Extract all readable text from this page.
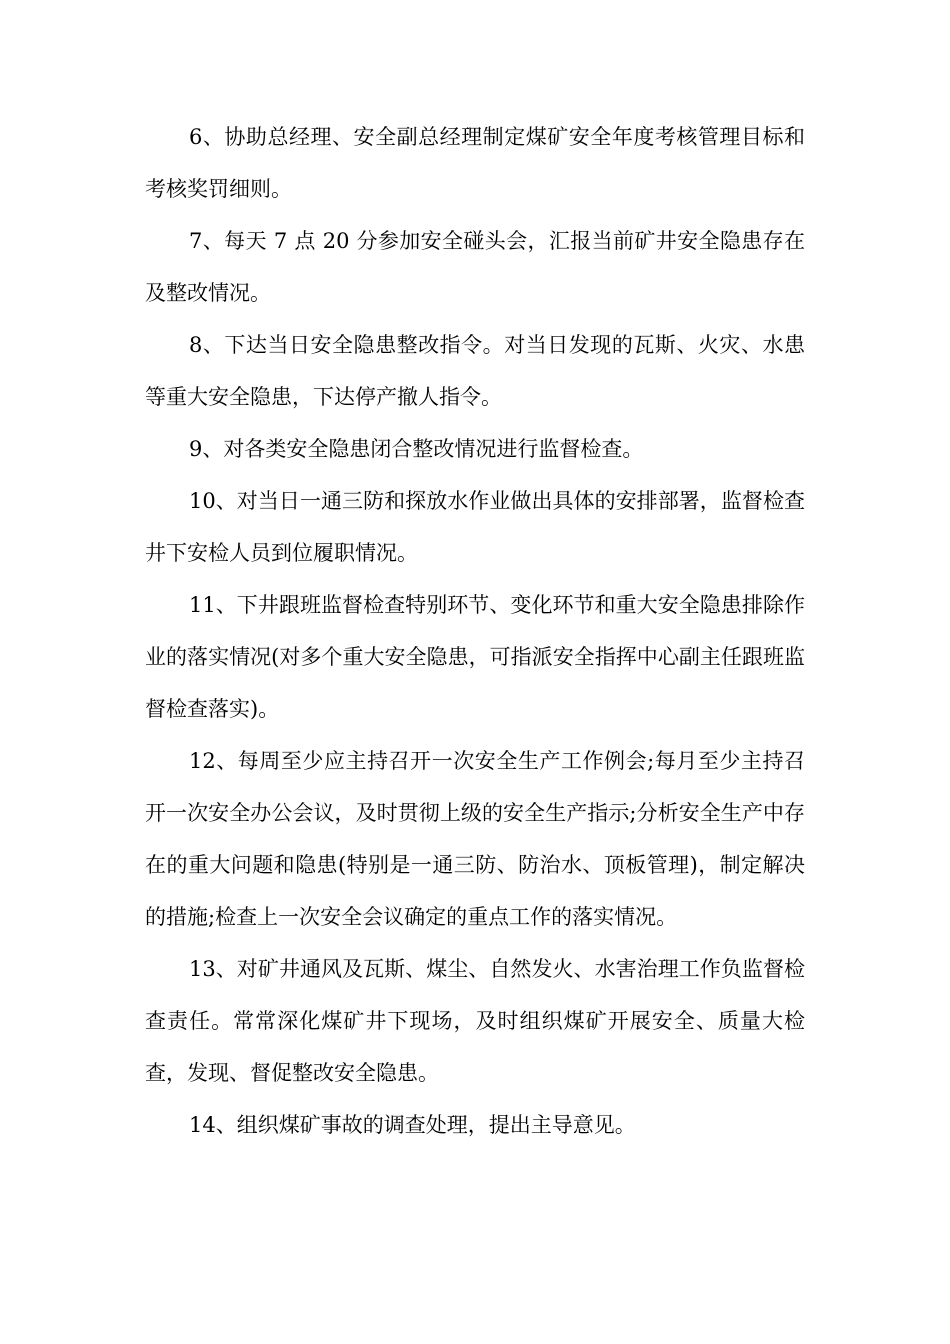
6、协助总经理、安全副总经理制定煤矿安全年度考核管理目标和考核奖罚细则。

7、每天 7 点 20 分参加安全碰头会，汇报当前矿井安全隐患存在及整改情况。

8、下达当日安全隐患整改指令。对当日发现的瓦斯、火灾、水患等重大安全隐患，下达停产撤人指令。

9、对各类安全隐患闭合整改情况进行监督检查。

10、对当日一通三防和探放水作业做出具体的安排部署，监督检查井下安检人员到位履职情况。

11、下井跟班监督检查特别环节、变化环节和重大安全隐患排除作业的落实情况(对多个重大安全隐患，可指派安全指挥中心副主任跟班监督检查落实)。

12、每周至少应主持召开一次安全生产工作例会;每月至少主持召开一次安全办公会议，及时贯彻上级的安全生产指示;分析安全生产中存在的重大问题和隐患(特别是一通三防、防治水、顶板管理)，制定解决的措施;检查上一次安全会议确定的重点工作的落实情况。

13、对矿井通风及瓦斯、煤尘、自然发火、水害治理工作负监督检查责任。常常深化煤矿井下现场，及时组织煤矿开展安全、质量大检查，发现、督促整改安全隐患。

14、组织煤矿事故的调查处理，提出主导意见。
